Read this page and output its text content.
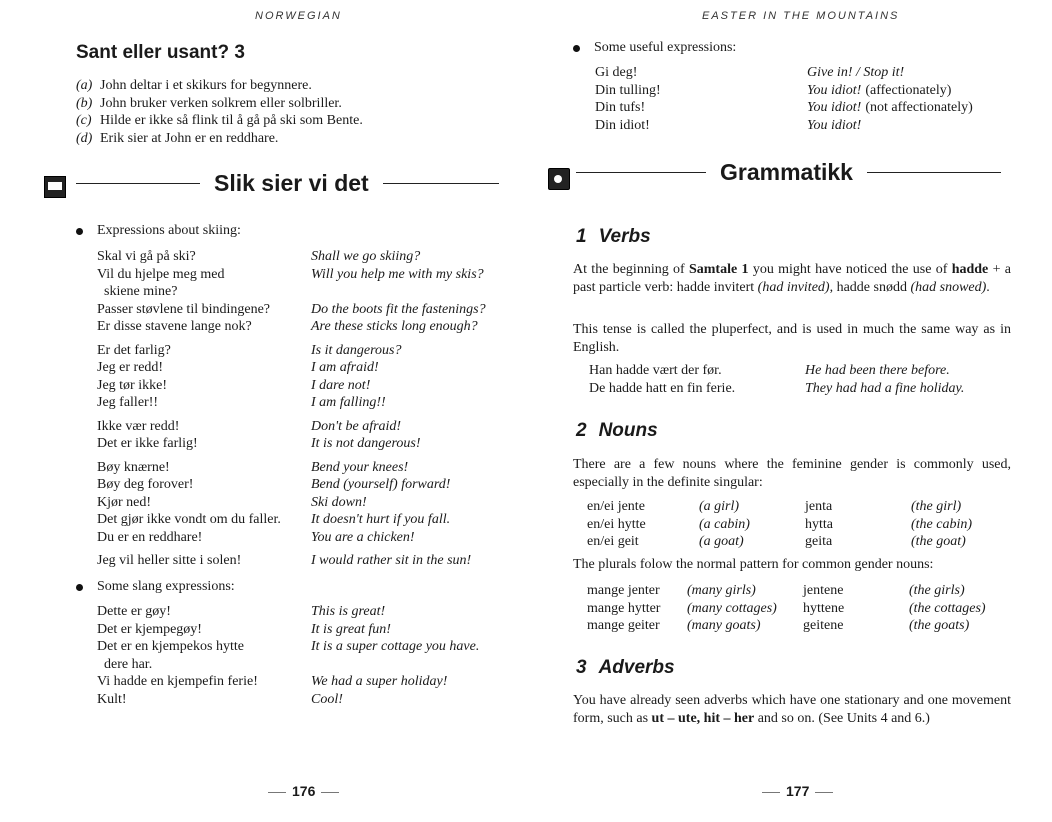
NORWEGIAN
Sant eller usant? 3
(a) John deltar i et skikurs for begynnere.
(b) John bruker verken solkrem eller solbriller.
(c) Hilde er ikke så flink til å gå på ski som Bente.
(d) Erik sier at John er en reddhare.
Slik sier vi det
Expressions about skiing:
Skal vi gå på ski?	Shall we go skiing?
Vil du hjelpe meg med	Will you help me with my skis?
skiene mine?
Passer støvlene til bindingene?	Do the boots fit the fastenings?
Er disse stavene lange nok?	Are these sticks long enough?
Er det farlig?	Is it dangerous?
Jeg er redd!	I am afraid!
Jeg tør ikke!	I dare not!
Jeg faller!!	I am falling!!
Ikke vær redd!	Don't be afraid!
Det er ikke farlig!	It is not dangerous!
Bøy knærne!	Bend your knees!
Bøy deg forover!	Bend (yourself) forward!
Kjør ned!	Ski down!
Det gjør ikke vondt om du faller.	It doesn't hurt if you fall.
Du er en reddhare!	You are a chicken!
Jeg vil heller sitte i solen!	I would rather sit in the sun!
Some slang expressions:
Dette er gøy!	This is great!
Det er kjempegøy!	It is great fun!
Det er en kjempekos hytte	It is a super cottage you have.
dere har.
Vi hadde en kjempefin ferie!	We had a super holiday!
Kult!	Cool!
176
EASTER IN THE MOUNTAINS
Some useful expressions:
Gi deg!	Give in! / Stop it!
Din tulling!	You idiot! (affectionately)
Din tufs!	You idiot! (not affectionately)
Din idiot!	You idiot!
Grammatikk
1 Verbs
At the beginning of Samtale 1 you might have noticed the use of hadde + a past particle verb: hadde invitert (had invited), hadde snødd (had snowed).
This tense is called the pluperfect, and is used in much the same way as in English.
Han hadde vært der før.	He had been there before.
De hadde hatt en fin ferie.	They had had a fine holiday.
2 Nouns
There are a few nouns where the feminine gender is commonly used, especially in the definite singular:
en/ei jente	(a girl)	jenta	(the girl)
en/ei hytte	(a cabin)	hytta	(the cabin)
en/ei geit	(a goat)	geita	(the goat)
The plurals folow the normal pattern for common gender nouns:
mange jenter	(many girls)	jentene	(the girls)
mange hytter	(many cottages)	hyttene	(the cottages)
mange geiter	(many goats)	geitene	(the goats)
3 Adverbs
You have already seen adverbs which have one stationary and one movement form, such as ut – ute, hit – her and so on. (See Units 4 and 6.)
177
